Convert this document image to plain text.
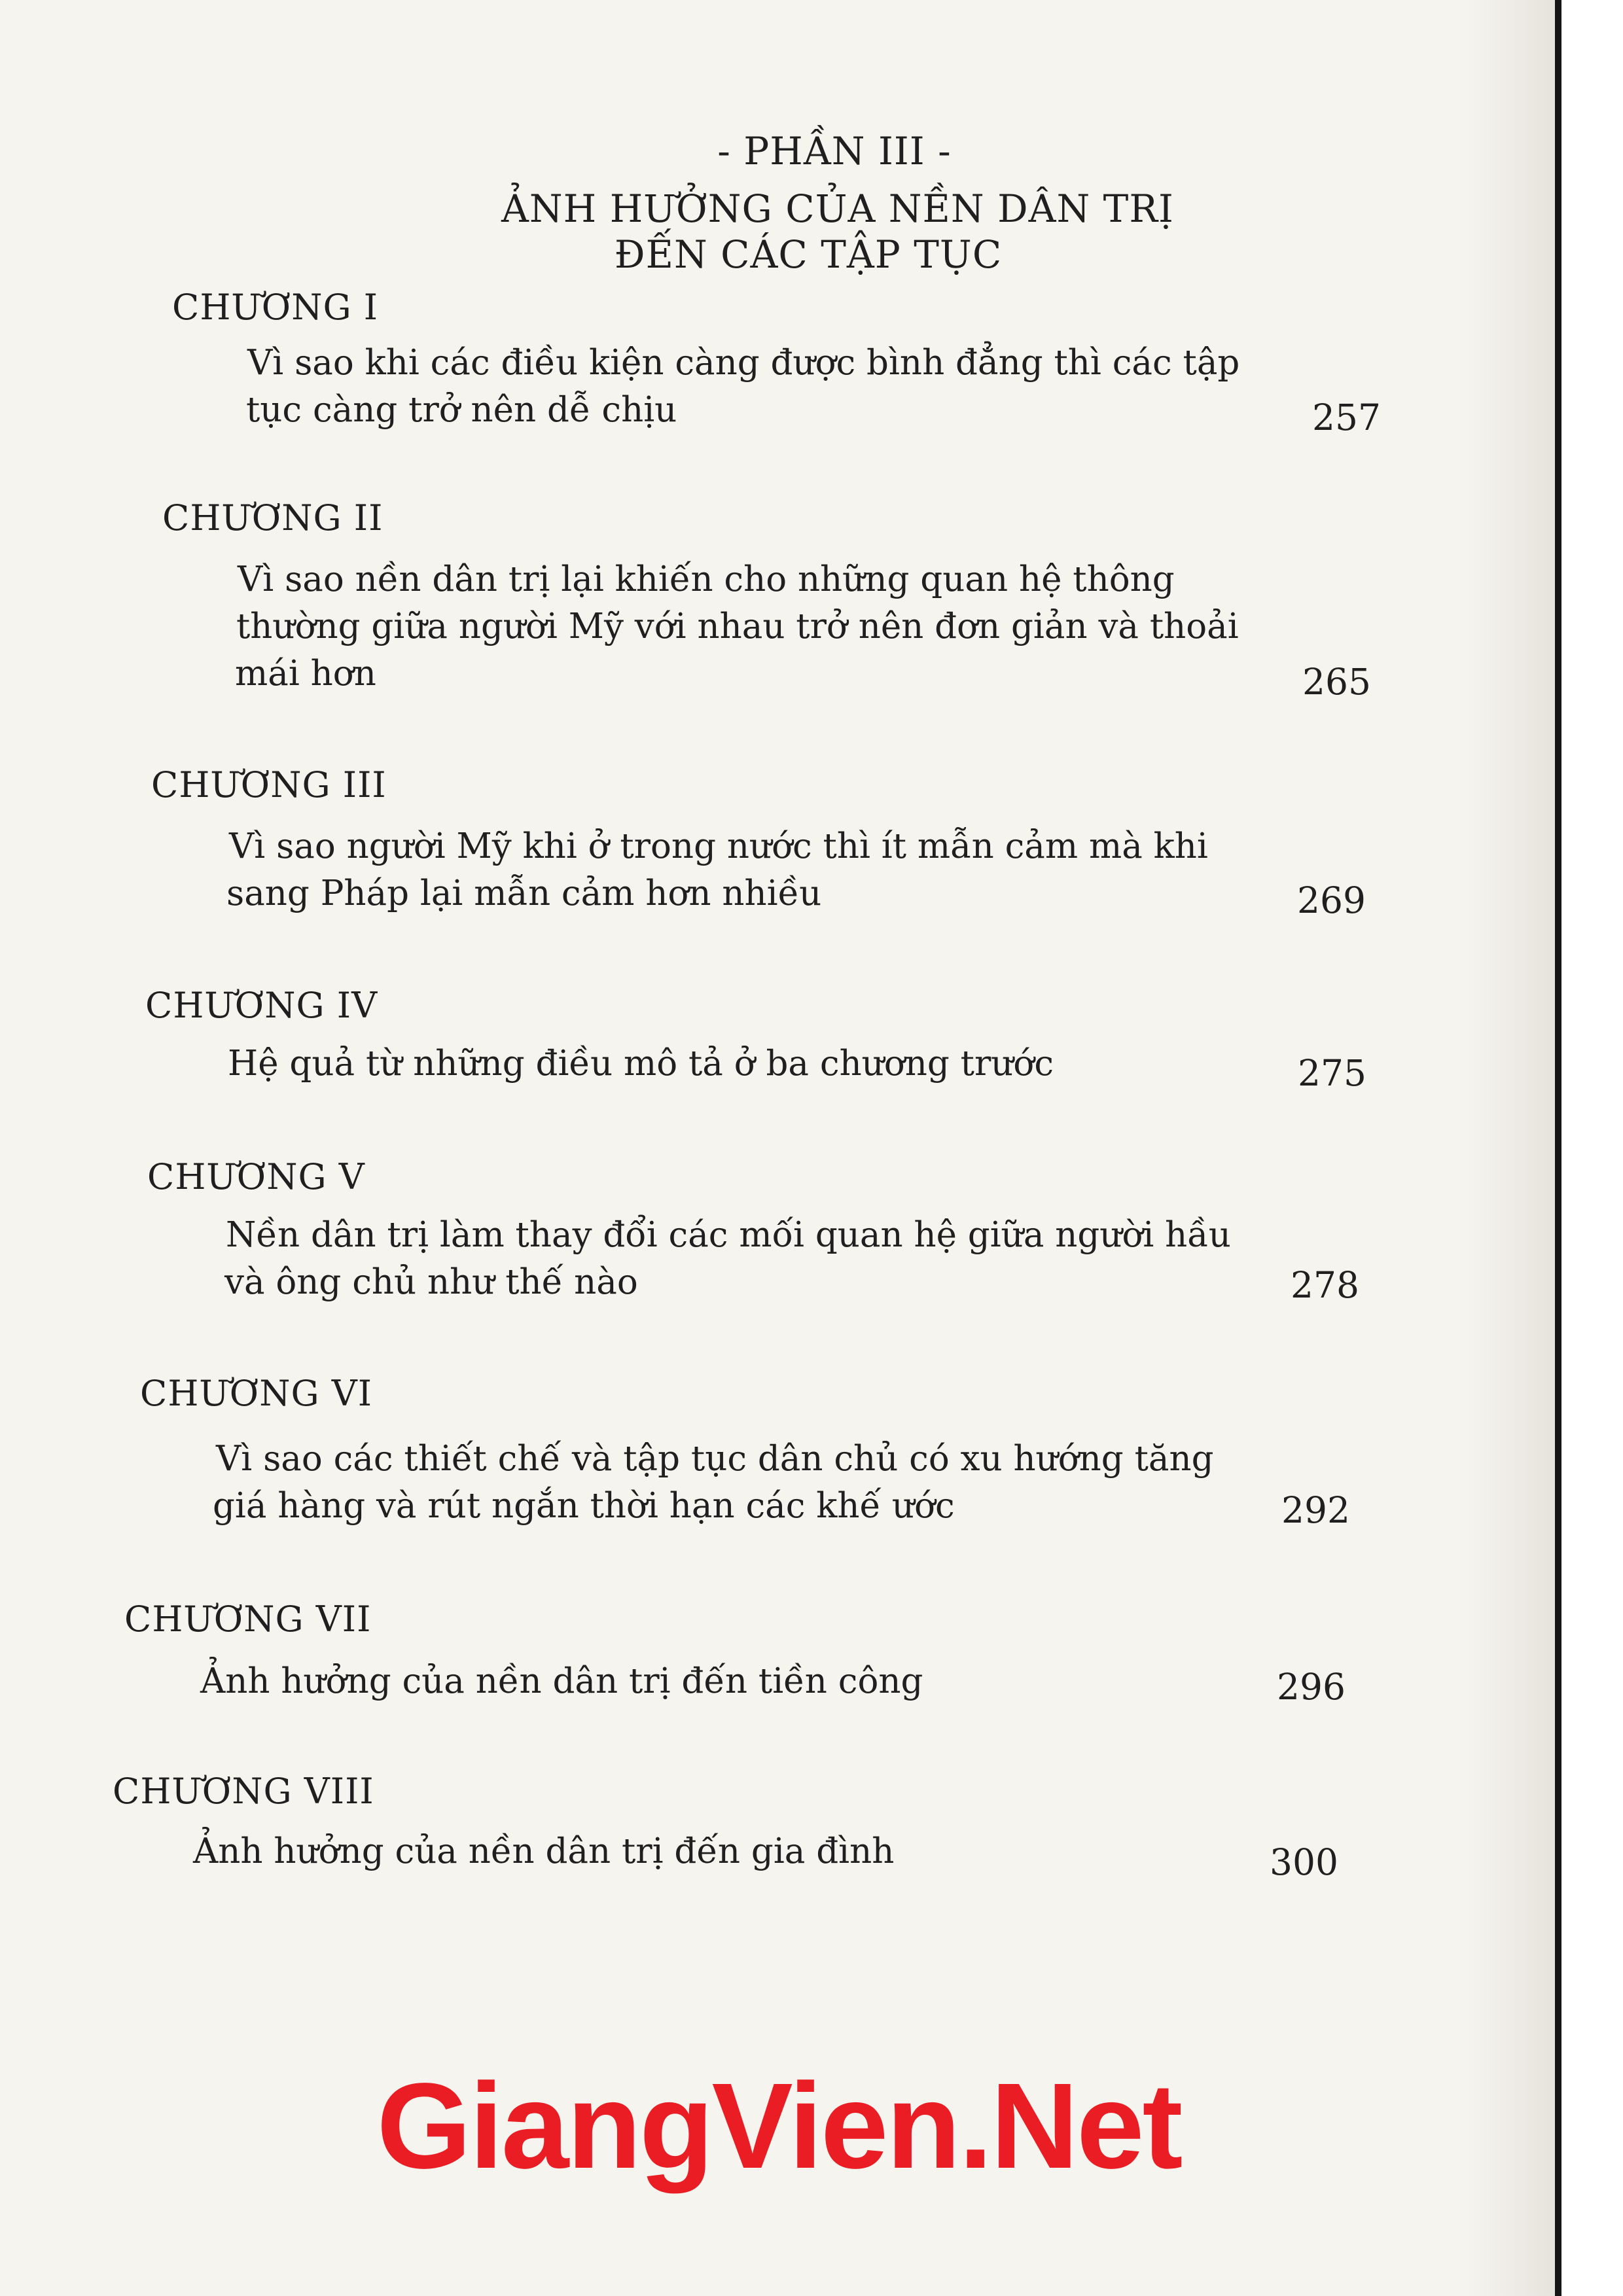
- PHẦN III -
ẢNH HƯỞNG CỦA NỀN DÂN TRỊ
ĐẾN CÁC TẬP TỤC
CHƯƠNG I
Vì sao khi các điều kiện càng được bình đẳng thì các tập
tục càng trở nên dễ chịu	257
CHƯƠNG II
Vì sao nền dân trị lại khiến cho những quan hệ thông
thường giữa người Mỹ với nhau trở nên đơn giản và thoải
mái hơn	265
CHƯƠNG III
Vì sao người Mỹ khi ở trong nước thì ít mẫn cảm mà khi
sang Pháp lại mẫn cảm hơn nhiều	269
CHƯƠNG IV
Hệ quả từ những điều mô tả ở ba chương trước	275
CHƯƠNG V
Nền dân trị làm thay đổi các mối quan hệ giữa người hầu
và ông chủ như thế nào	278
CHƯƠNG VI
Vì sao các thiết chế và tập tục dân chủ có xu hướng tăng
giá hàng và rút ngắn thời hạn các khế ước	292
CHƯƠNG VII
Ảnh hưởng của nền dân trị đến tiền công	296
CHƯƠNG VIII
Ảnh hưởng của nền dân trị đến gia đình	300
GiangVien.Net
